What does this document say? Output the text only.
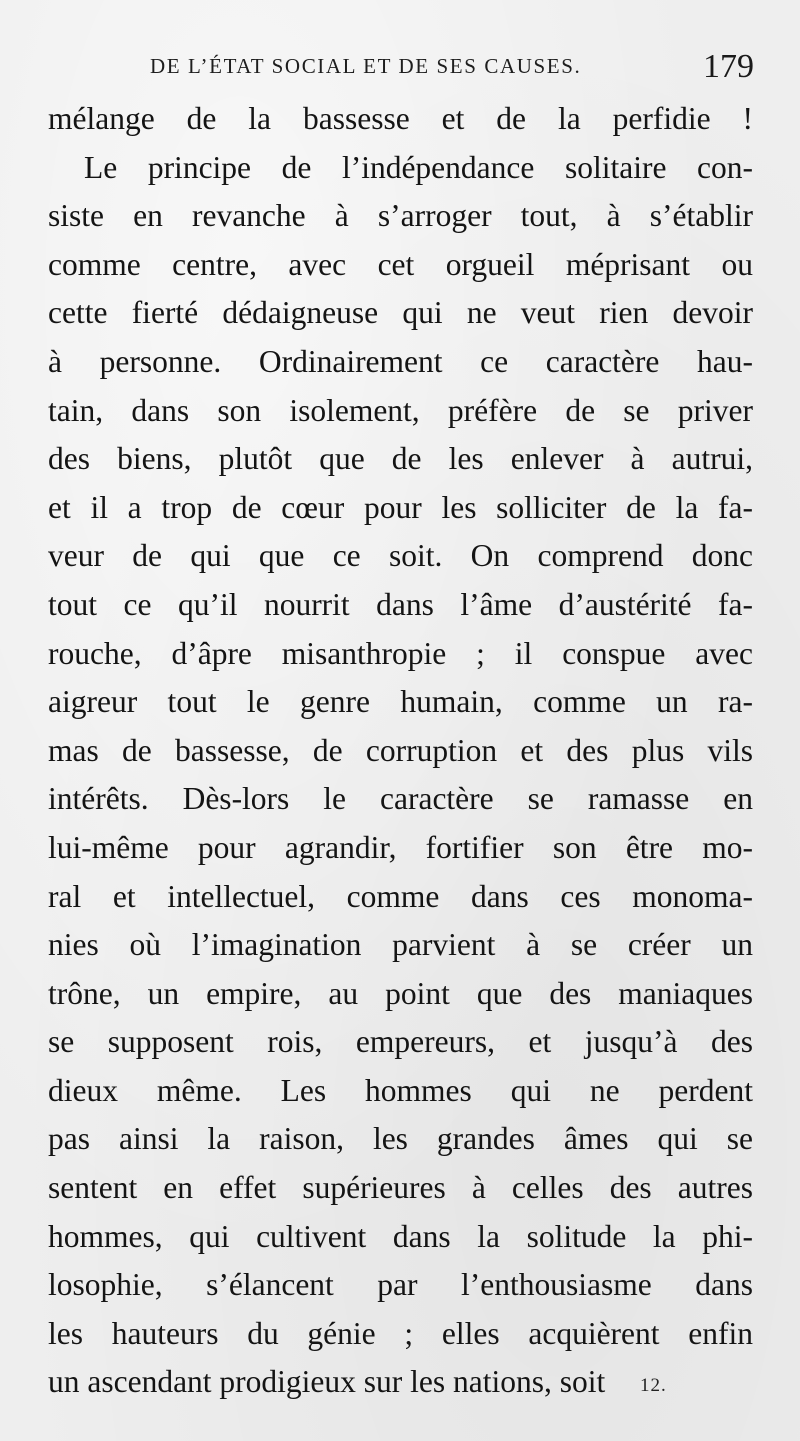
DE L’ÉTAT SOCIAL ET DE SES CAUSES.	179
mélange de la bassesse et de la perfidie !
Le principe de l’indépendance solitaire con-
siste en revanche à s’arroger tout, à s’établir
comme centre, avec cet orgueil méprisant ou
cette fierté dédaigneuse qui ne veut rien devoir
à personne. Ordinairement ce caractère hau-
tain, dans son isolement, préfère de se priver
des biens, plutôt que de les enlever à autrui,
et il a trop de cœur pour les solliciter de la fa-
veur de qui que ce soit. On comprend donc
tout ce qu’il nourrit dans l’âme d’austérité fa-
rouche, d’âpre misanthropie ; il conspue avec
aigreur tout le genre humain, comme un ra-
mas de bassesse, de corruption et des plus vils
intérêts. Dès-lors le caractère se ramasse en
lui-même pour agrandir, fortifier son être mo-
ral et intellectuel, comme dans ces monoma-
nies où l’imagination parvient à se créer un
trône, un empire, au point que des maniaques
se supposent rois, empereurs, et jusqu’à des
dieux même. Les hommes qui ne perdent
pas ainsi la raison, les grandes âmes qui se
sentent en effet supérieures à celles des autres
hommes, qui cultivent dans la solitude la phi-
losophie, s’élancent par l’enthousiasme dans
les hauteurs du génie ; elles acquièrent enfin
un ascendant prodigieux sur les nations, soit	12.
